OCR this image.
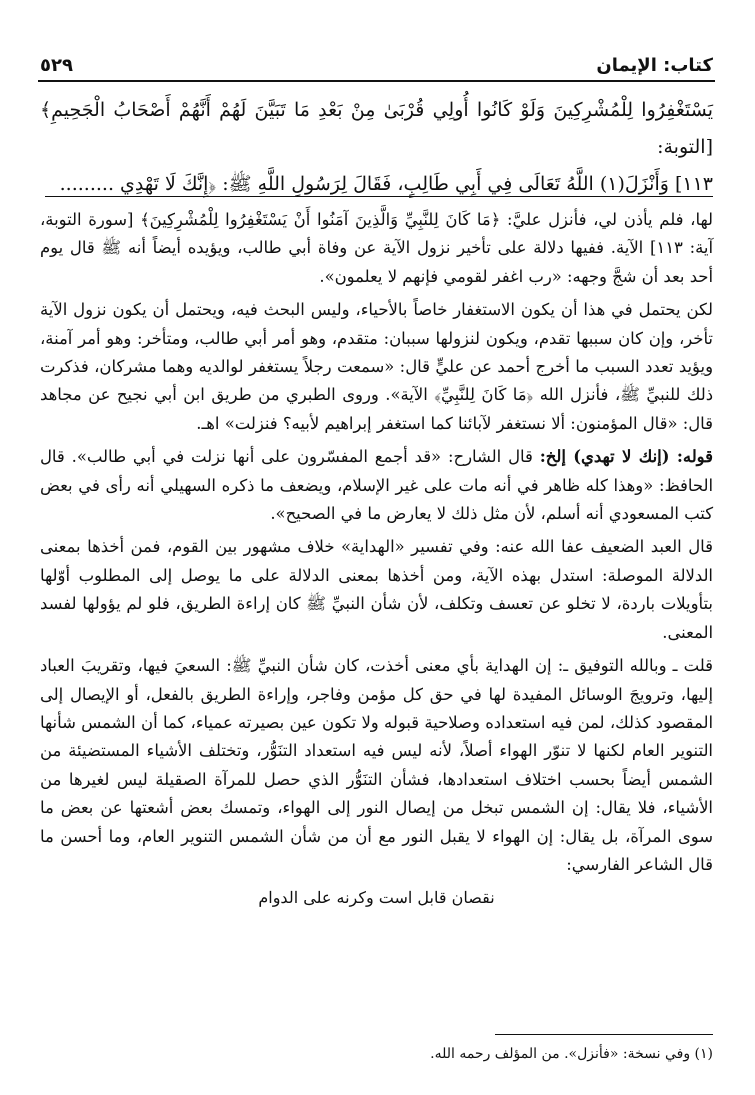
كتاب: الإيمان
٥٢٩
يَسْتَغْفِرُوا لِلْمُشْرِكِينَ وَلَوْ كَانُوا أُولِي قُرْبَىٰ مِنْ بَعْدِ مَا تَبَيَّنَ لَهُمْ أَنَّهُمْ أَصْحَابُ الْجَحِيمِ﴾ [التوبة:
١١٣] وَأَنْزَلَ(١) اللَّهُ تَعَالَى فِي أَبِي طَالِبٍ، فَقَالَ لِرَسُولِ اللَّهِ ﷺ: ﴿إِنَّكَ لَا تَهْدِي .........

لها، فلم يأذن لي، فأنزل عليَّ: ﴿مَا كَانَ لِلنَّبِيِّ وَالَّذِينَ آمَنُوا أَنْ يَسْتَغْفِرُوا لِلْمُشْرِكِينَ﴾ [سورة التوبة، آية: ١١٣] الآية. ففيها دلالة على تأخير نزول الآية عن وفاة أبي طالب، ويؤيده أيضاً أنه ﷺ قال يوم أحد بعد أن شجَّ وجهه: «رب اغفر لقومي فإنهم لا يعلمون».

لكن يحتمل في هذا أن يكون الاستغفار خاصاً بالأحياء، وليس البحث فيه، ويحتمل أن يكون نزول الآية تأخر، وإن كان سببها تقدم، ويكون لنزولها سببان: متقدم، وهو أمر أبي طالب، ومتأخر: وهو أمر آمنة، ويؤيد تعدد السبب ما أخرج أحمد عن عليٍّ قال: «سمعت رجلاً يستغفر لوالديه وهما مشركان، فذكرت ذلك للنبيِّ ﷺ، فأنزل الله ﴿مَا كَانَ لِلنَّبِيِّ﴾ الآية». وروى الطبري من طريق ابن أبي نجيح عن مجاهد قال: «قال المؤمنون: ألا نستغفر لآبائنا كما استغفر إبراهيم لأبيه؟ فنزلت» اهـ.

قوله: (إنك لا تهدي) إلخ: قال الشارح: «قد أجمع المفسّرون على أنها نزلت في أبي طالب». قال الحافظ: «وهذا كله ظاهر في أنه مات على غير الإسلام، ويضعف ما ذكره السهيلي أنه رأى في بعض كتب المسعودي أنه أسلم، لأن مثل ذلك لا يعارض ما في الصحيح».

قال العبد الضعيف عفا الله عنه: وفي تفسير «الهداية» خلاف مشهور بين القوم، فمن أخذها بمعنى الدلالة الموصلة: استدل بهذه الآية، ومن أخذها بمعنى الدلالة على ما يوصل إلى المطلوب أوّلها بتأويلات باردة، لا تخلو عن تعسف وتكلف، لأن شأن النبيِّ ﷺ كان إراءة الطريق، فلو لم يؤولها لفسد المعنى.

قلت ـ وبالله التوفيق ـ: إن الهداية بأي معنى أخذت، كان شأن النبيِّ ﷺ: السعيَ فيها، وتقريبَ العباد إليها، وترويجَ الوسائل المفيدة لها في حق كل مؤمن وفاجر، وإراءة الطريق بالفعل، أو الإيصال إلى المقصود كذلك، لمن فيه استعداده وصلاحية قبوله ولا تكون عين بصيرته عمياء، كما أن الشمس شأنها التنوير العام لكنها لا تنوّر الهواء أصلاً، لأنه ليس فيه استعداد التنَوُّر، وتختلف الأشياء المستضيئة من الشمس أيضاً بحسب اختلاف استعدادها، فشأن التنَوُّر الذي حصل للمرآة الصقيلة ليس لغيرها من الأشياء، فلا يقال: إن الشمس تبخل من إيصال النور إلى الهواء، وتمسك بعض أشعتها عن بعض ما سوى المرآة، بل يقال: إن الهواء لا يقبل النور مع أن من شأن الشمس التنوير العام، وما أحسن ما قال الشاعر الفارسي:

نقصان قابل است وكرنه على الدوام
(١) وفي نسخة: «فأنزل». من المؤلف رحمه الله.
